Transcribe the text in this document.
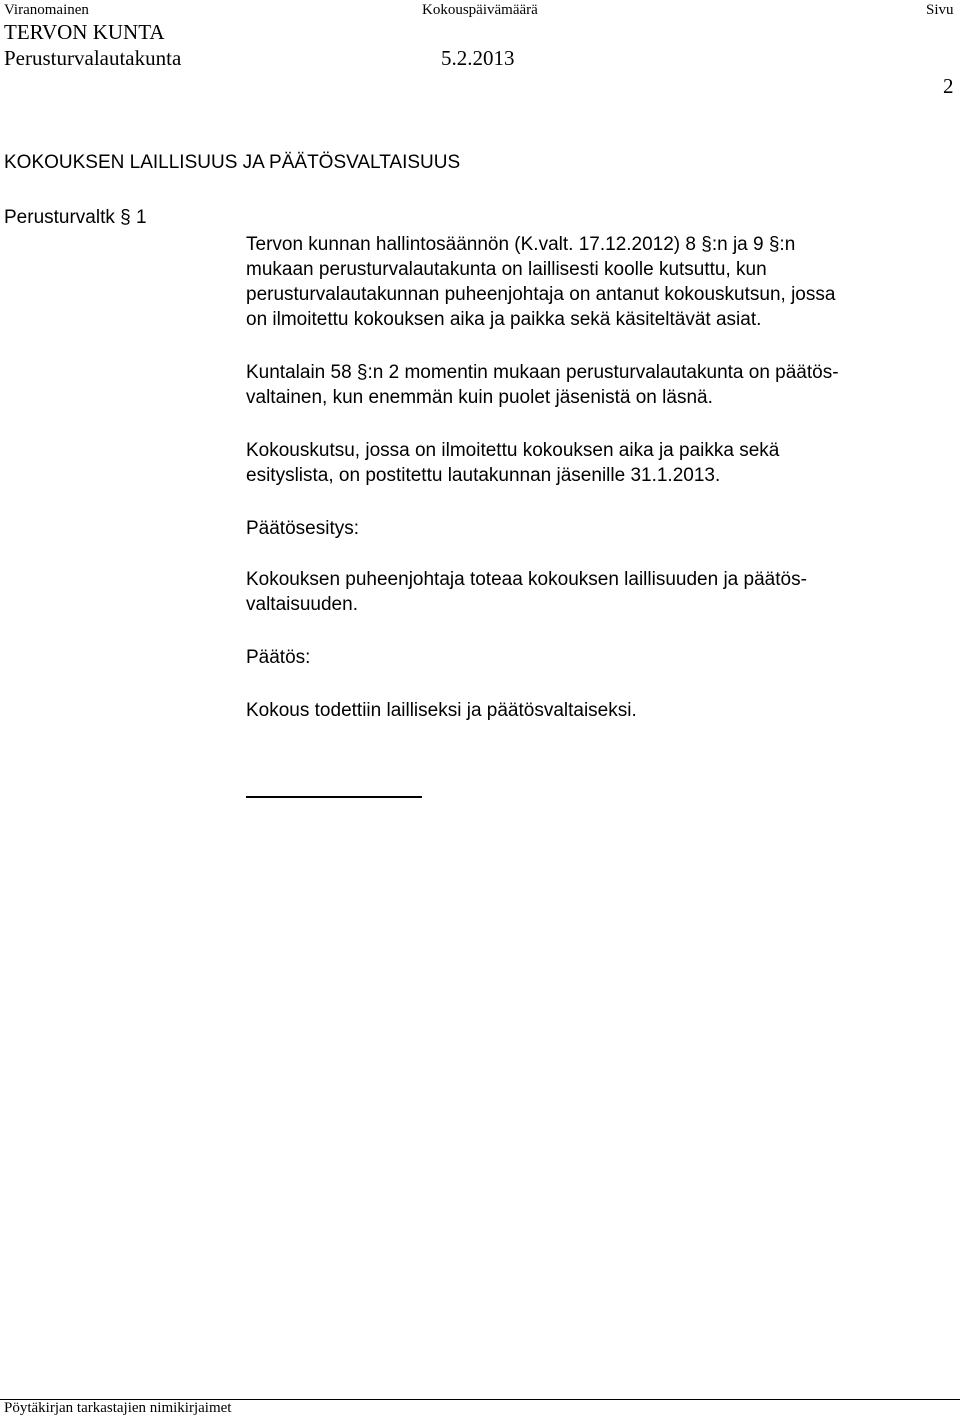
Viranomainen	Kokouspäivämäärä	Sivu
TERVON KUNTA
Perusturvalautakunta	5.2.2013
2
KOKOUKSEN LAILLISUUS JA PÄÄTÖSVALTAISUUS
Perusturvaltk § 1
Tervon kunnan hallintosäännön (K.valt. 17.12.2012) 8 §:n ja 9 §:n
mukaan perusturvalautakunta on laillisesti koolle kutsuttu, kun
perusturvalautakunnan puheenjohtaja on antanut kokouskutsun, jossa
on ilmoitettu kokouksen aika ja paikka sekä käsiteltävät asiat.
Kuntalain 58 §:n 2 momentin mukaan perusturvalautakunta on päätös-
valtainen, kun enemmän kuin puolet jäsenistä on läsnä.
Kokouskutsu, jossa on ilmoitettu kokouksen aika ja paikka sekä
esityslista, on postitettu lautakunnan jäsenille 31.1.2013.
Päätösesitys:
Kokouksen puheenjohtaja toteaa kokouksen laillisuuden ja päätös-
valtaisuuden.
Päätös:
Kokous todettiin lailliseksi ja päätösvaltaiseksi.
Pöytäkirjan tarkastajien nimikirjaimet
